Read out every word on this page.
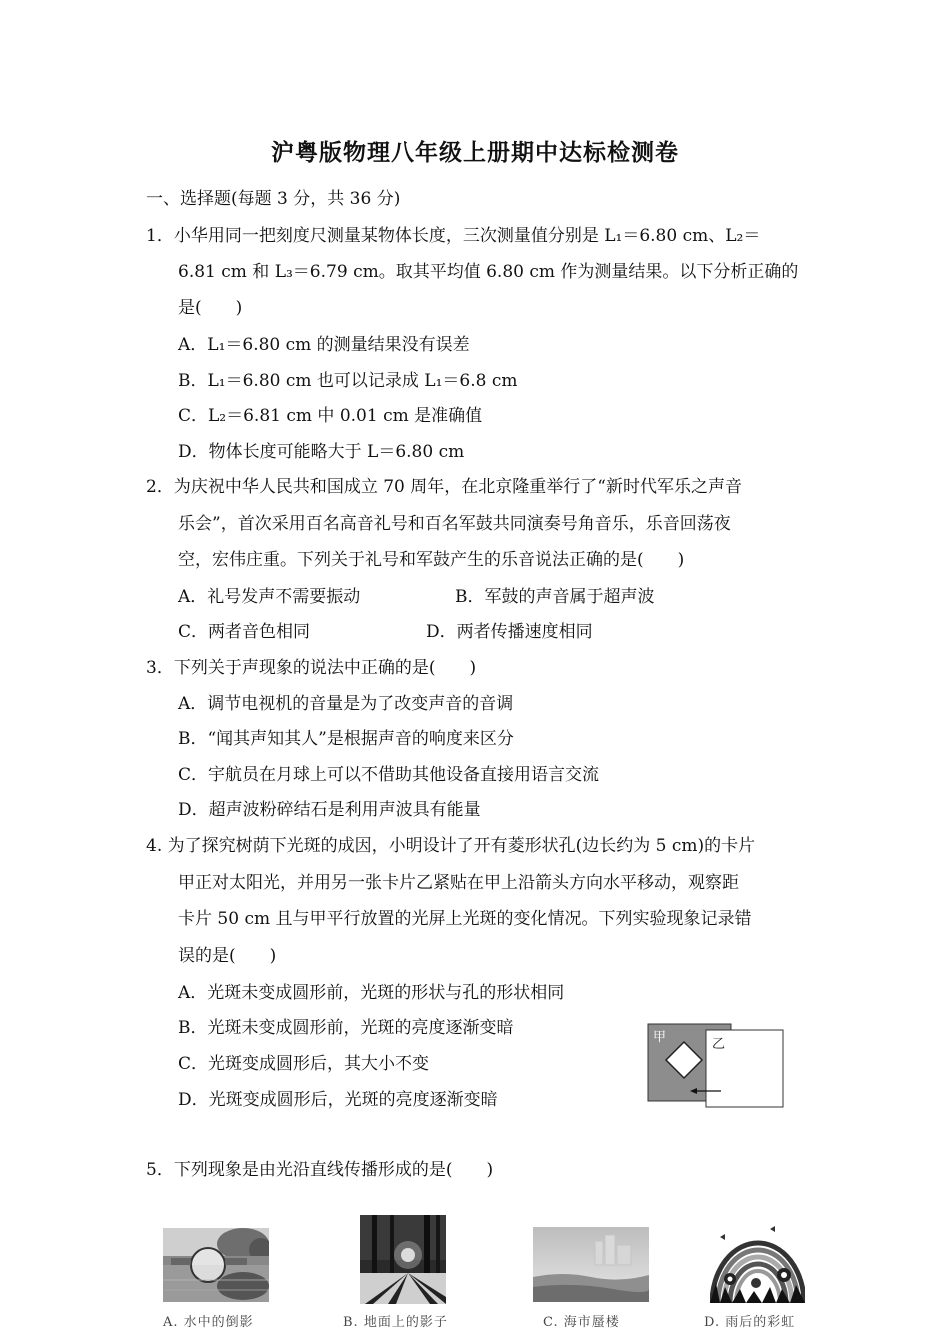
沪粤版物理八年级上册期中达标检测卷
一、选择题(每题 3 分，共 36 分)
1．小华用同一把刻度尺测量某物体长度，三次测量值分别是 L₁＝6.80 cm、L₂＝
6.81 cm 和 L₃＝6.79 cm。取其平均值 6.80 cm 作为测量结果。以下分析正确的
是(　　)
A．L₁＝6.80 cm 的测量结果没有误差
B．L₁＝6.80 cm 也可以记录成 L₁＝6.8 cm
C．L₂＝6.81 cm 中 0.01 cm 是准确值
D．物体长度可能略大于 L＝6.80 cm
2．为庆祝中华人民共和国成立 70 周年，在北京隆重举行了“新时代军乐之声音
乐会”，首次采用百名高音礼号和百名军鼓共同演奏号角音乐，乐音回荡夜
空，宏伟庄重。下列关于礼号和军鼓产生的乐音说法正确的是(　　)
A．礼号发声不需要振动	B．军鼓的声音属于超声波
C．两者音色相同	D．两者传播速度相同
3．下列关于声现象的说法中正确的是(　　)
A．调节电视机的音量是为了改变声音的音调
B．“闻其声知其人”是根据声音的响度来区分
C．宇航员在月球上可以不借助其他设备直接用语言交流
D．超声波粉碎结石是利用声波具有能量
4. 为了探究树荫下光斑的成因，小明设计了开有菱形状孔(边长约为 5 cm)的卡片
甲正对太阳光，并用另一张卡片乙紧贴在甲上沿箭头方向水平移动，观察距
卡片 50 cm 且与甲平行放置的光屏上光斑的变化情况。下列实验现象记录错
误的是(　　)
A．光斑未变成圆形前，光斑的形状与孔的形状相同
B．光斑未变成圆形前，光斑的亮度逐渐变暗
C．光斑变成圆形后，其大小不变
D．光斑变成圆形后，光斑的亮度逐渐变暗
甲	乙
5．下列现象是由光沿直线传播形成的是(　　)
A. 水中的倒影	B. 地面上的影子	C. 海市蜃楼	D. 雨后的彩虹
